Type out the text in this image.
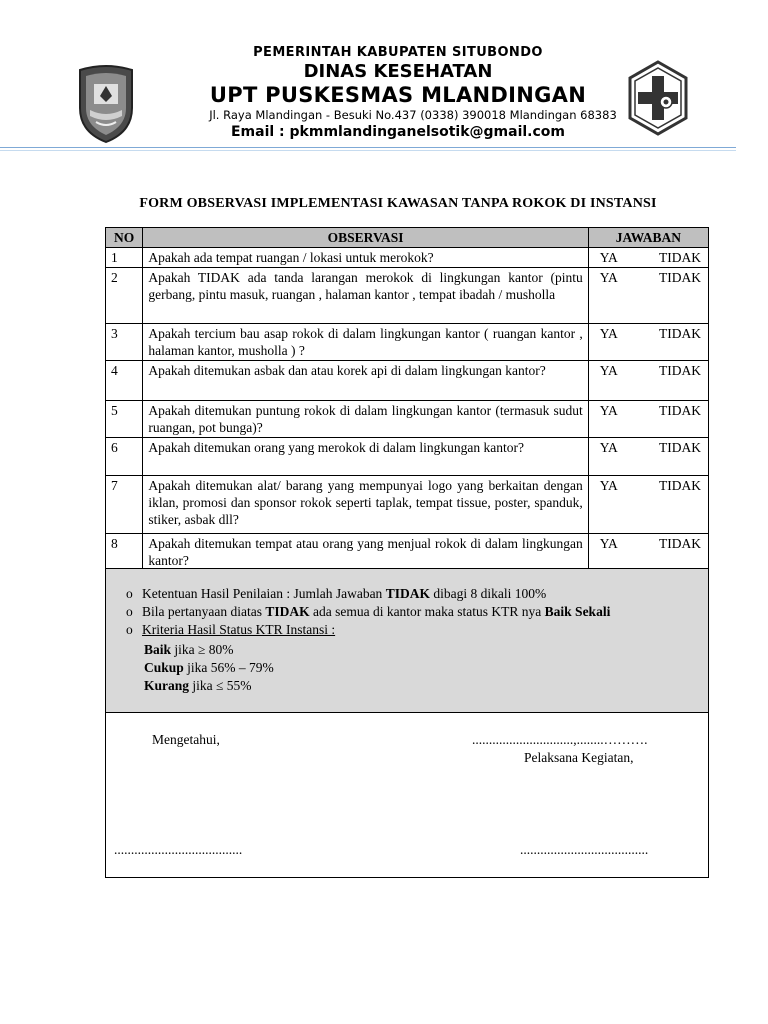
PEMERINTAH KABUPATEN SITUBONDO
DINAS KESEHATAN
UPT PUSKESMAS MLANDINGAN
Jl. Raya Mlandingan - Besuki No.437 (0338) 390018 Mlandingan 68383
Email : pkmmlandinganelsotik@gmail.com
FORM OBSERVASI IMPLEMENTASI KAWASAN TANPA ROKOK DI INSTANSI
NO	OBSERVASI	JAWABAN
1	Apakah ada tempat ruangan / lokasi untuk merokok?	YA TIDAK

2	Apakah TIDAK ada tanda larangan merokok di lingkungan kantor (pintu gerbang, pintu masuk, ruangan , halaman kantor , tempat ibadah / musholla	YA TIDAK

3	Apakah tercium bau asap rokok di dalam lingkungan kantor ( ruangan kantor , halaman kantor, musholla ) ?	YA TIDAK

4	Apakah ditemukan asbak dan atau korek api di dalam lingkungan kantor?	YA TIDAK

5	Apakah ditemukan puntung rokok di dalam lingkungan kantor (termasuk sudut ruangan, pot bunga)?	YA TIDAK

6	Apakah ditemukan orang yang merokok di dalam lingkungan kantor?	YA TIDAK

7	Apakah ditemukan alat/ barang yang mempunyai logo yang berkaitan dengan iklan, promosi dan sponsor rokok seperti taplak, tempat tissue, poster, spanduk, stiker, asbak dll?	YA TIDAK

8	Apakah ditemukan tempat atau orang yang menjual rokok di dalam lingkungan kantor?	YA TIDAK
o Ketentuan Hasil Penilaian : Jumlah Jawaban TIDAK dibagi 8 dikali 100%
o Bila pertanyaan diatas TIDAK ada semua di kantor maka status KTR nya Baik Sekali
o Kriteria Hasil Status KTR Instansi :
Baik jika ≥ 80%
Cukup jika 56% – 79%
Kurang jika ≤ 55%
Mengetahui,	..............................,........……….
Pelaksana Kegiatan,
......................................	......................................
